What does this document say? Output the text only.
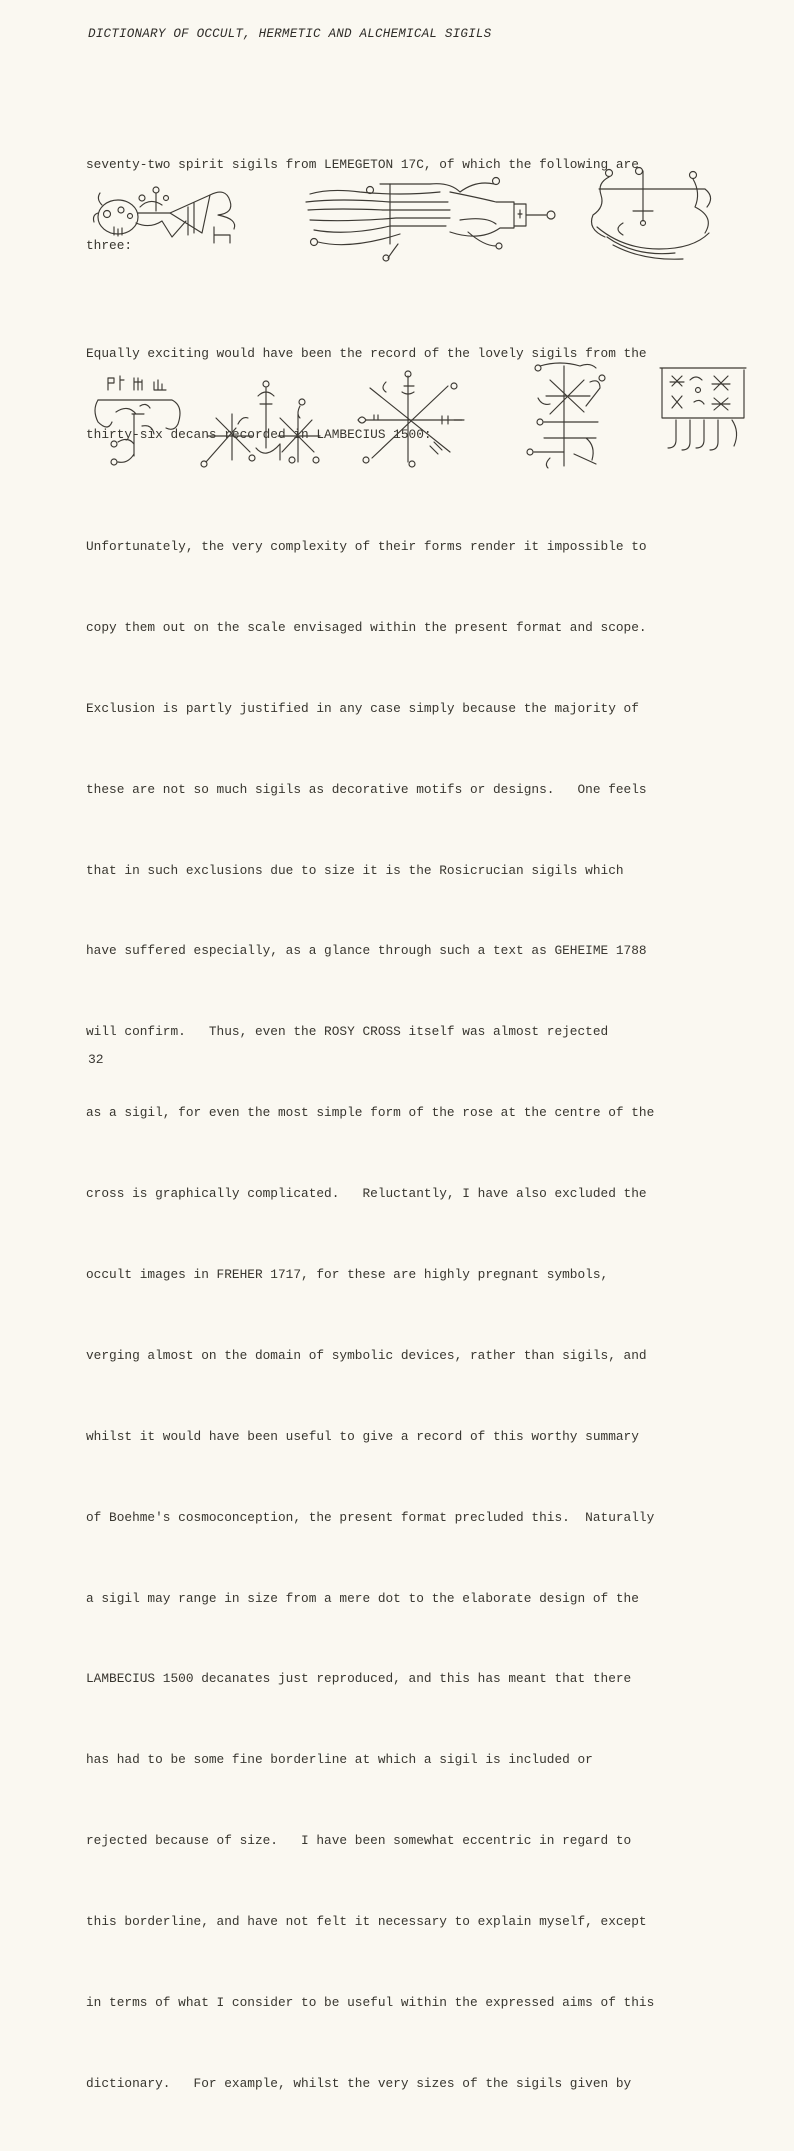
DICTIONARY OF OCCULT, HERMETIC AND ALCHEMICAL SIGILS

seventy-two spirit sigils from LEMEGETON 17C, of which the following are

three:

Equally exciting would have been the record of the lovely sigils from the

thirty-six decans recorded in LAMBECIUS 1500:

Unfortunately, the very complexity of their forms render it impossible to

copy them out on the scale envisaged within the present format and scope.

Exclusion is partly justified in any case simply because the majority of

these are not so much sigils as decorative motifs or designs.   One feels

that in such exclusions due to size it is the Rosicrucian sigils which

have suffered especially, as a glance through such a text as GEHEIME 1788

will confirm.   Thus, even the ROSY CROSS itself was almost rejected

as a sigil, for even the most simple form of the rose at the centre of the

cross is graphically complicated.   Reluctantly, I have also excluded the

occult images in FREHER 1717, for these are highly pregnant symbols,

verging almost on the domain of symbolic devices, rather than sigils, and

whilst it would have been useful to give a record of this worthy summary

of Boehme's cosmoconception, the present format precluded this.  Naturally

a sigil may range in size from a mere dot to the elaborate design of the

LAMBECIUS 1500 decanates just reproduced, and this has meant that there

has had to be some fine borderline at which a sigil is included or

rejected because of size.   I have been somewhat eccentric in regard to

this borderline, and have not felt it necessary to explain myself, except

in terms of what I consider to be useful within the expressed aims of this

dictionary.   For example, whilst the very sizes of the sigils given by

32
